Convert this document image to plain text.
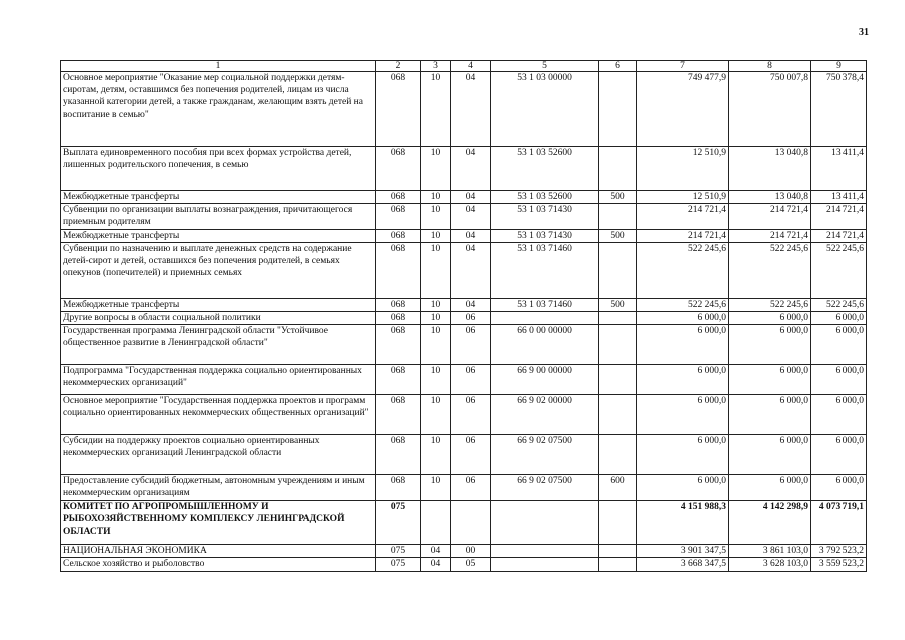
31
1	2	3	4	5	6	7	8	9
Основное мероприятие "Оказание мер социальной поддержки детям-сиротам, детям, оставшимся без попечения родителей, лицам из числа указанной категории детей, а также гражданам, желающим взять детей на воспитание в семью"	068	10	04	53 1 03 00000		749 477,9	750 007,8	750 378,4
Выплата единовременного пособия при всех формах устройства детей, лишенных родительского попечения, в семью	068	10	04	53 1 03 52600		12 510,9	13 040,8	13 411,4
Межбюджетные трансферты	068	10	04	53 1 03 52600	500	12 510,9	13 040,8	13 411,4
Субвенции по организации выплаты вознаграждения, причитающегося приемным родителям	068	10	04	53 1 03 71430		214 721,4	214 721,4	214 721,4
Межбюджетные трансферты	068	10	04	53 1 03 71430	500	214 721,4	214 721,4	214 721,4
Субвенции по назначению и выплате денежных средств на содержание детей-сирот и детей, оставшихся без попечения родителей, в семьях опекунов (попечителей) и приемных семьях	068	10	04	53 1 03 71460		522 245,6	522 245,6	522 245,6
Межбюджетные трансферты	068	10	04	53 1 03 71460	500	522 245,6	522 245,6	522 245,6
Другие вопросы в области социальной политики	068	10	06			6 000,0	6 000,0	6 000,0
Государственная программа Ленинградской области "Устойчивое общественное развитие в Ленинградской области"	068	10	06	66 0 00 00000		6 000,0	6 000,0	6 000,0
Подпрограмма "Государственная поддержка социально ориентированных некоммерческих организаций"	068	10	06	66 9 00 00000		6 000,0	6 000,0	6 000,0
Основное мероприятие "Государственная поддержка проектов и программ социально ориентированных некоммерческих общественных организаций"	068	10	06	66 9 02 00000		6 000,0	6 000,0	6 000,0
Субсидии на поддержку проектов социально ориентированных некоммерческих организаций Ленинградской области	068	10	06	66 9 02 07500		6 000,0	6 000,0	6 000,0
Предоставление субсидий бюджетным, автономным учреждениям и иным некоммерческим организациям	068	10	06	66 9 02 07500	600	6 000,0	6 000,0	6 000,0
КОМИТЕТ ПО АГРОПРОМЫШЛЕННОМУ И РЫБОХОЗЯЙСТВЕННОМУ КОМПЛЕКСУ ЛЕНИНГРАДСКОЙ ОБЛАСТИ	075					4 151 988,3	4 142 298,9	4 073 719,1
НАЦИОНАЛЬНАЯ ЭКОНОМИКА	075	04	00			3 901 347,5	3 861 103,0	3 792 523,2
Сельское хозяйство и рыболовство	075	04	05			3 668 347,5	3 628 103,0	3 559 523,2
